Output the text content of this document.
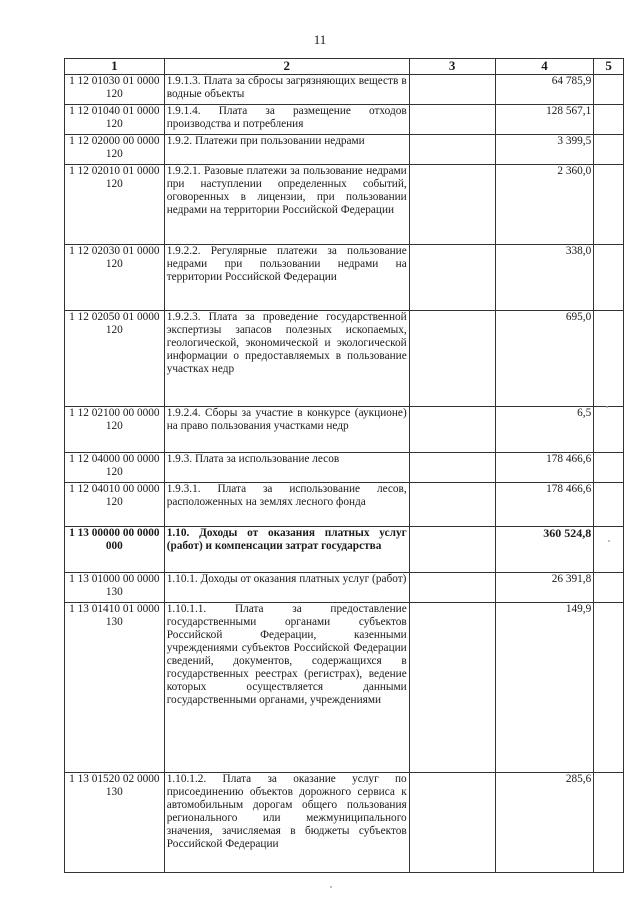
11
1	2	3	4	5
1 12 01030 01 0000 120	1.9.1.3. Плата за сбросы загрязняющих веществ в водные объекты		64 785,9	
1 12 01040 01 0000 120	1.9.1.4. Плата за размещение отходов производства и потребления		128 567,1	
1 12 02000 00 0000 120	1.9.2. Платежи при пользовании недрами		3 399,5	
1 12 02010 01 0000 120	1.9.2.1. Разовые платежи за пользование недрами при наступлении определенных событий, оговоренных в лицензии, при пользовании недрами на территории Российской Федерации		2 360,0	
1 12 02030 01 0000 120	1.9.2.2. Регулярные платежи за пользование недрами при пользовании недрами на территории Российской Федерации		338,0	
1 12 02050 01 0000 120	1.9.2.3. Плата за проведение государственной экспертизы запасов полезных ископаемых, геологической, экономической и экологической информации о предоставляемых в пользование участках недр		695,0	
1 12 02100 00 0000 120	1.9.2.4. Сборы за участие в конкурсе (аукционе) на право пользования участками недр		6,5	
1 12 04000 00 0000 120	1.9.3. Плата за использование лесов		178 466,6	
1 12 04010 00 0000 120	1.9.3.1. Плата за использование лесов, расположенных на землях лесного фонда		178 466,6	
1 13 00000 00 0000 000	1.10. Доходы от оказания платных услуг (работ) и компенсации затрат государства		360 524,8	
1 13 01000 00 0000 130	1.10.1. Доходы от оказания платных услуг (работ)		26 391,8	
1 13 01410 01 0000 130	1.10.1.1. Плата за предоставление государственными органами субъектов Российской Федерации, казенными учреждениями субъектов Российской Федерации сведений, документов, содержащихся в государственных реестрах (регистрах), ведение которых осуществляется данными государственными органами, учреждениями		149,9	
1 13 01520 02 0000 130	1.10.1.2. Плата за оказание услуг по присоединению объектов дорожного сервиса к автомобильным дорогам общего пользования регионального или межмуниципального значения, зачисляемая в бюджеты субъектов Российской Федерации		285,6	
